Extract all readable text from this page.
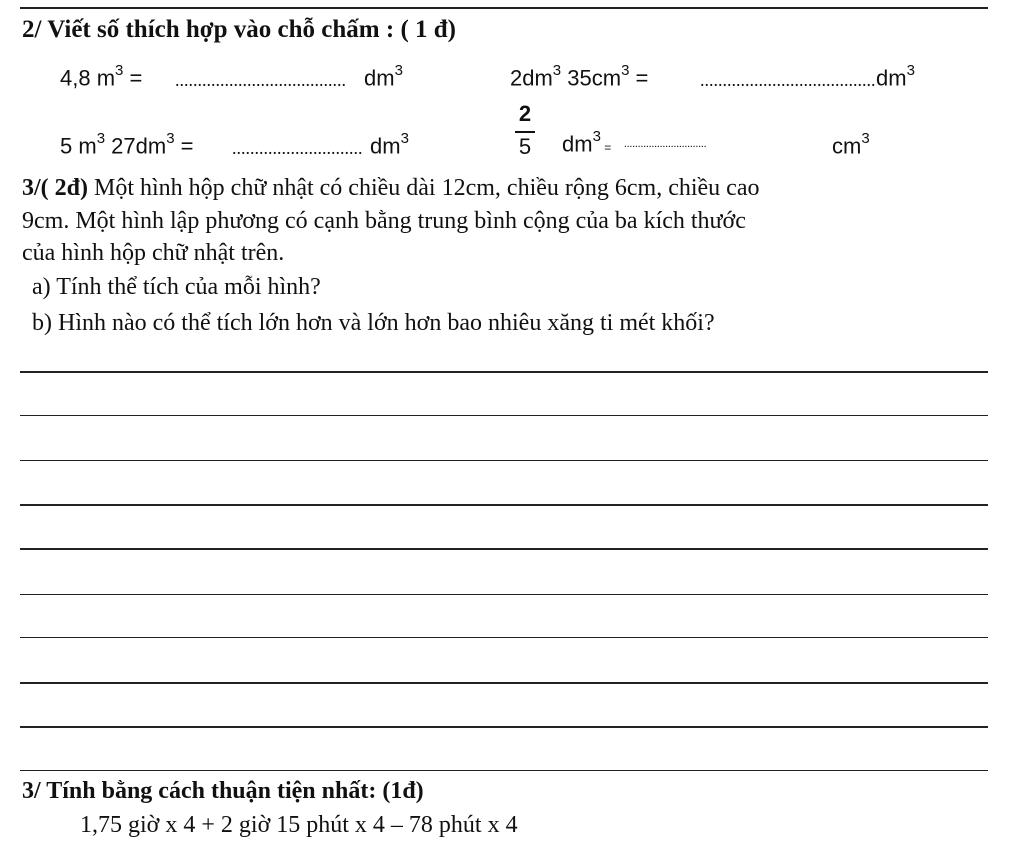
2/ Viết số thích hợp vào chỗ chấm : ( 1 đ)
4,8 $m^3$ = ...................................... $dm^3$	$2dm^3$ $35cm^3$ =	....................................... $dm^3$
5 $m^3$ $27dm^3$ = ............................. $dm^3$
2
5 $dm^3$ = ..............................	$cm^3$
3/( 2đ) Một hình hộp chữ nhật có chiều dài 12cm, chiều rộng 6cm, chiều cao
9cm. Một hình lập phương có cạnh bằng trung bình cộng của ba kích thước
của hình hộp chữ nhật trên.
a) Tính thể tích của mỗi hình?
b) Hình nào có thể tích lớn hơn và lớn hơn bao nhiêu xăng ti mét khối?
3/ Tính bằng cách thuận tiện nhất: (1đ)
1,75 giờ x 4 + 2 giờ 15 phút x 4 – 78 phút x 4
